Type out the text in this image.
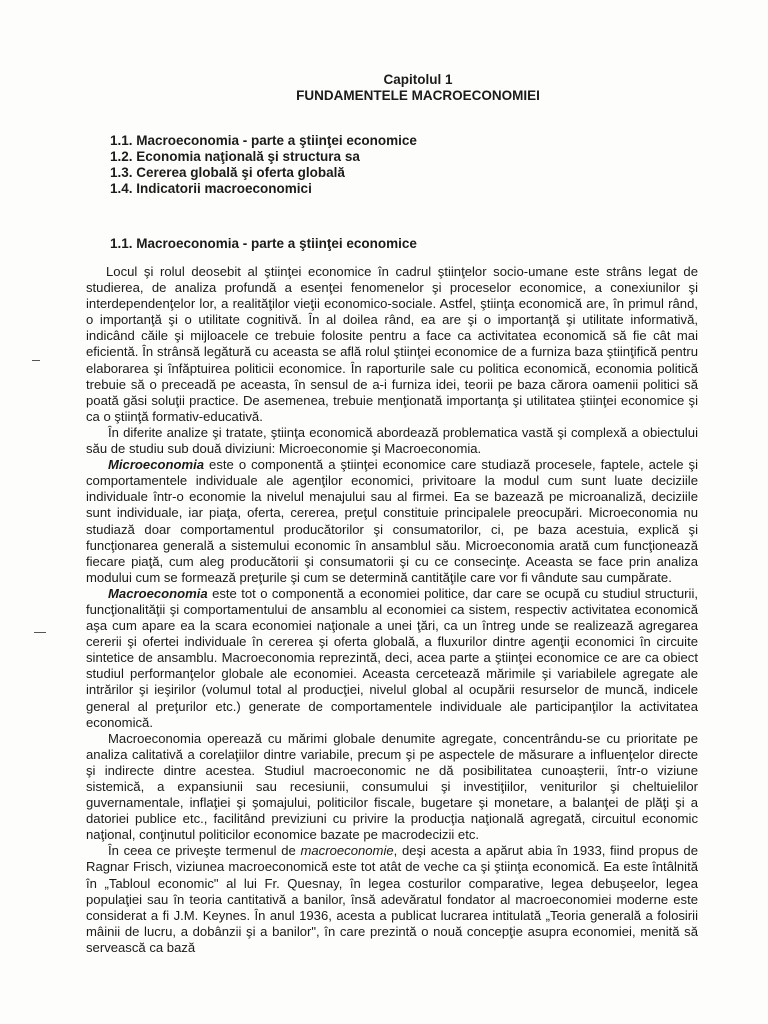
Capitolul 1
FUNDAMENTELE MACROECONOMIEI
1.1. Macroeconomia - parte a ştiinţei economice
1.2. Economia naţională şi structura sa
1.3. Cererea globală şi oferta globală
1.4. Indicatorii macroeconomici
1.1. Macroeconomia - parte a ştiinţei economice

Locul şi rolul deosebit al ştiinţei economice în cadrul ştiinţelor socio-umane este strâns legat de studierea, de analiza profundă a esenţei fenomenelor şi proceselor economice, a conexiunilor şi interdependenţelor lor, a realităţilor vieţii economico-sociale. Astfel, ştiinţa economică are, în primul rând, o importanţă şi o utilitate cognitivă. În al doilea rând, ea are şi o importanţă şi utilitate informativă, indicând căile şi mijloacele ce trebuie folosite pentru a face ca activitatea economică să fie cât mai eficientă. În strânsă legătură cu aceasta se află rolul ştiinţei economice de a furniza baza ştiinţifică pentru elaborarea şi înfăptuirea politicii economice. În raporturile sale cu politica economică, economia politică trebuie să o preceadă pe aceasta, în sensul de a-i furniza idei, teorii pe baza cărora oamenii politici să poată găsi soluţii practice. De asemenea, trebuie menţionată importanţa şi utilitatea ştiinţei economice şi ca o ştiinţă formativ-educativă.

În diferite analize şi tratate, ştiinţa economică abordează problematica vastă şi complexă a obiectului său de studiu sub două diviziuni: Microeconomie şi Macroeconomia.

Microeconomia este o componentă a ştiinţei economice care studiază procesele, faptele, actele şi comportamentele individuale ale agenţilor economici, privitoare la modul cum sunt luate deciziile individuale într-o economie la nivelul menajului sau al firmei. Ea se bazează pe microanaliză, deciziile sunt individuale, iar piaţa, oferta, cererea, preţul constituie principalele preocupări. Microeconomia nu studiază doar comportamentul producătorilor şi consumatorilor, ci, pe baza acestuia, explică şi funcţionarea generală a sistemului economic în ansamblul său. Microeconomia arată cum funcţionează fiecare piaţă, cum aleg producătorii şi consumatorii şi cu ce consecinţe. Aceasta se face prin analiza modului cum se formează preţurile şi cum se determină cantităţile care vor fi vândute sau cumpărate.

Macroeconomia este tot o componentă a economiei politice, dar care se ocupă cu studiul structurii, funcţionalităţii şi comportamentului de ansamblu al economiei ca sistem, respectiv activitatea economică aşa cum apare ea la scara economiei naţionale a unei ţări, ca un întreg unde se realizează agregarea cererii şi ofertei individuale în cererea şi oferta globală, a fluxurilor dintre agenţii economici în circuite sintetice de ansamblu. Macroeconomia reprezintă, deci, acea parte a ştiinţei economice ce are ca obiect studiul performanţelor globale ale economiei. Aceasta cercetează mărimile şi variabilele agregate ale intrărilor şi ieşirilor (volumul total al producţiei, nivelul global al ocupării resurselor de muncă, indicele general al preţurilor etc.) generate de comportamentele individuale ale participanţilor la activitatea economică.

Macroeconomia operează cu mărimi globale denumite agregate, concentrându-se cu prioritate pe analiza calitativă a corelaţiilor dintre variabile, precum şi pe aspectele de măsurare a influenţelor directe şi indirecte dintre acestea. Studiul macroeconomic ne dă posibilitatea cunoaşterii, într-o viziune sistemică, a expansiunii sau recesiunii, consumului şi investiţiilor, veniturilor şi cheltuielilor guvernamentale, inflaţiei şi şomajului, politicilor fiscale, bugetare şi monetare, a balanţei de plăţi şi a datoriei publice etc., facilitând previziuni cu privire la producţia naţională agregată, circuitul economic naţional, conţinutul politicilor economice bazate pe macrodecizii etc.

În ceea ce priveşte termenul de macroeconomie, deşi acesta a apărut abia în 1933, fiind propus de Ragnar Frisch, viziunea macroeconomică este tot atât de veche ca şi ştiinţa economică. Ea este întâlnită în „Tabloul economic" al lui Fr. Quesnay, în legea costurilor comparative, legea debuşeelor, legea populaţiei sau în teoria cantitativă a banilor, însă adevăratul fondator al macroeconomiei moderne este considerat a fi J.M. Keynes. În anul 1936, acesta a publicat lucrarea intitulată „Teoria generală a folosirii mâinii de lucru, a dobânzii şi a banilor", în care prezintă o nouă concepţie asupra economiei, menită să servească ca bază
